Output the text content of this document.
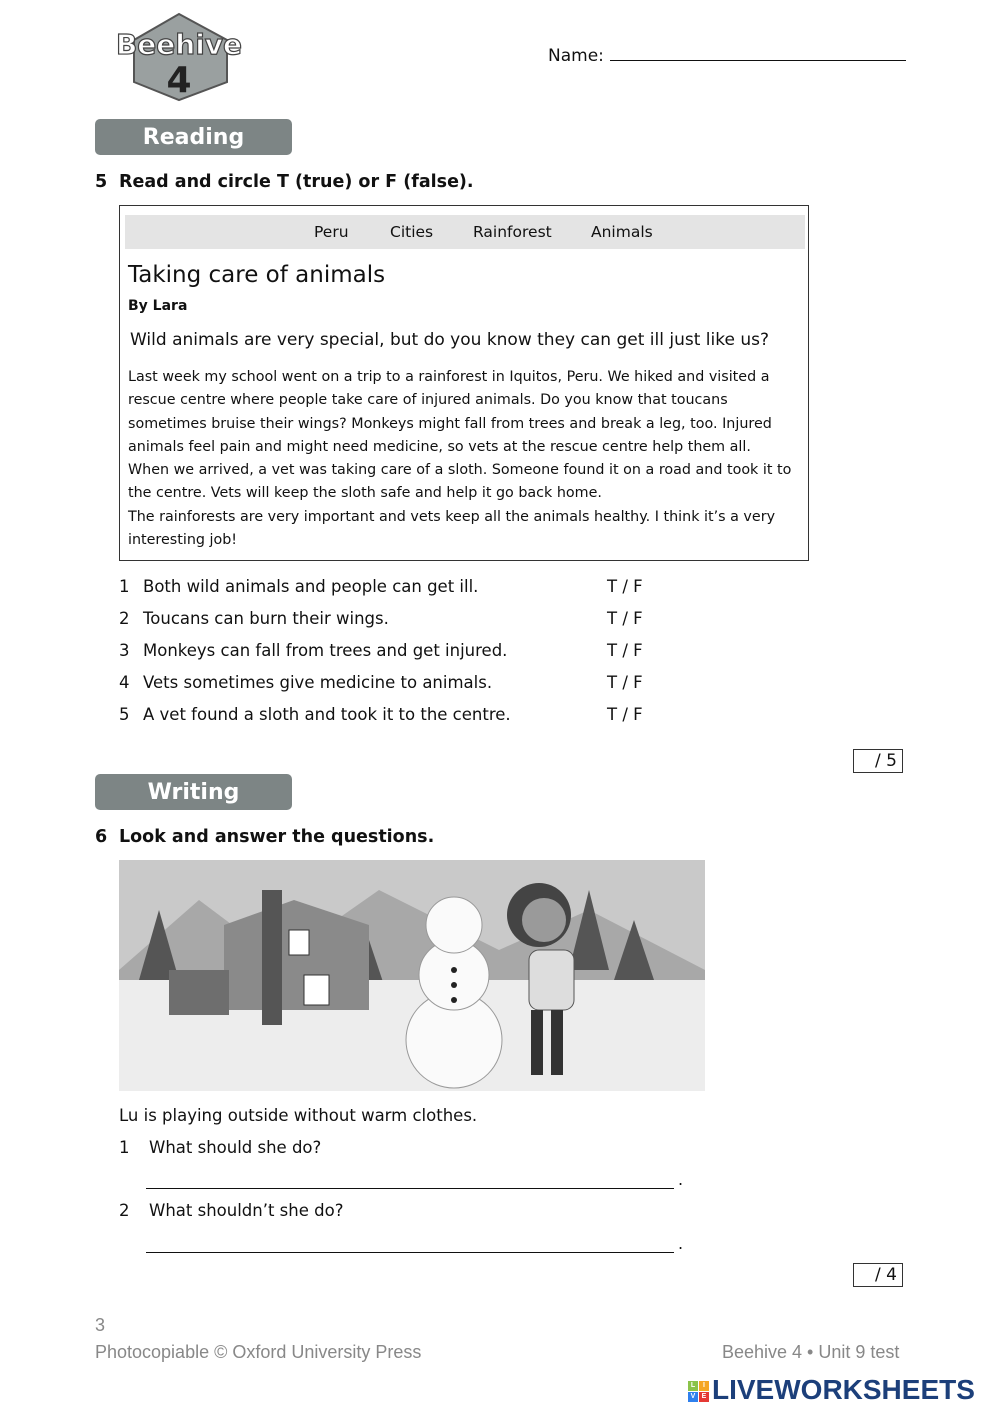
Beehive
4
Name:
Reading
5 Read and circle T (true) or F (false).
Peru	Cities	Rainforest	Animals
Taking care of animals
By Lara
Wild animals are very special, but do you know they can get ill just like us?
Last week my school went on a trip to a rainforest in Iquitos, Peru. We hiked and visited a rescue centre where people take care of injured animals. Do you know that toucans sometimes bruise their wings? Monkeys might fall from trees and break a leg, too. Injured animals feel pain and might need medicine, so vets at the rescue centre help them all.
When we arrived, a vet was taking care of a sloth. Someone found it on a road and took it to the centre. Vets will keep the sloth safe and help it go back home.
The rainforests are very important and vets keep all the animals healthy. I think it’s a very interesting job!
1 Both wild animals and people can get ill.	T / F
2 Toucans can burn their wings.	T / F
3 Monkeys can fall from trees and get injured.	T / F
4 Vets sometimes give medicine to animals.	T / F
5 A vet found a sloth and took it to the centre.	T / F
/ 5
Writing
6 Look and answer the questions.
Lu is playing outside without warm clothes.
1 What should she do?
.
2 What shouldn’t she do?
.
/ 4
3
Photocopiable © Oxford University Press	Beehive 4 • Unit 9 test
L	I
V E LIVEWORKSHEETS
